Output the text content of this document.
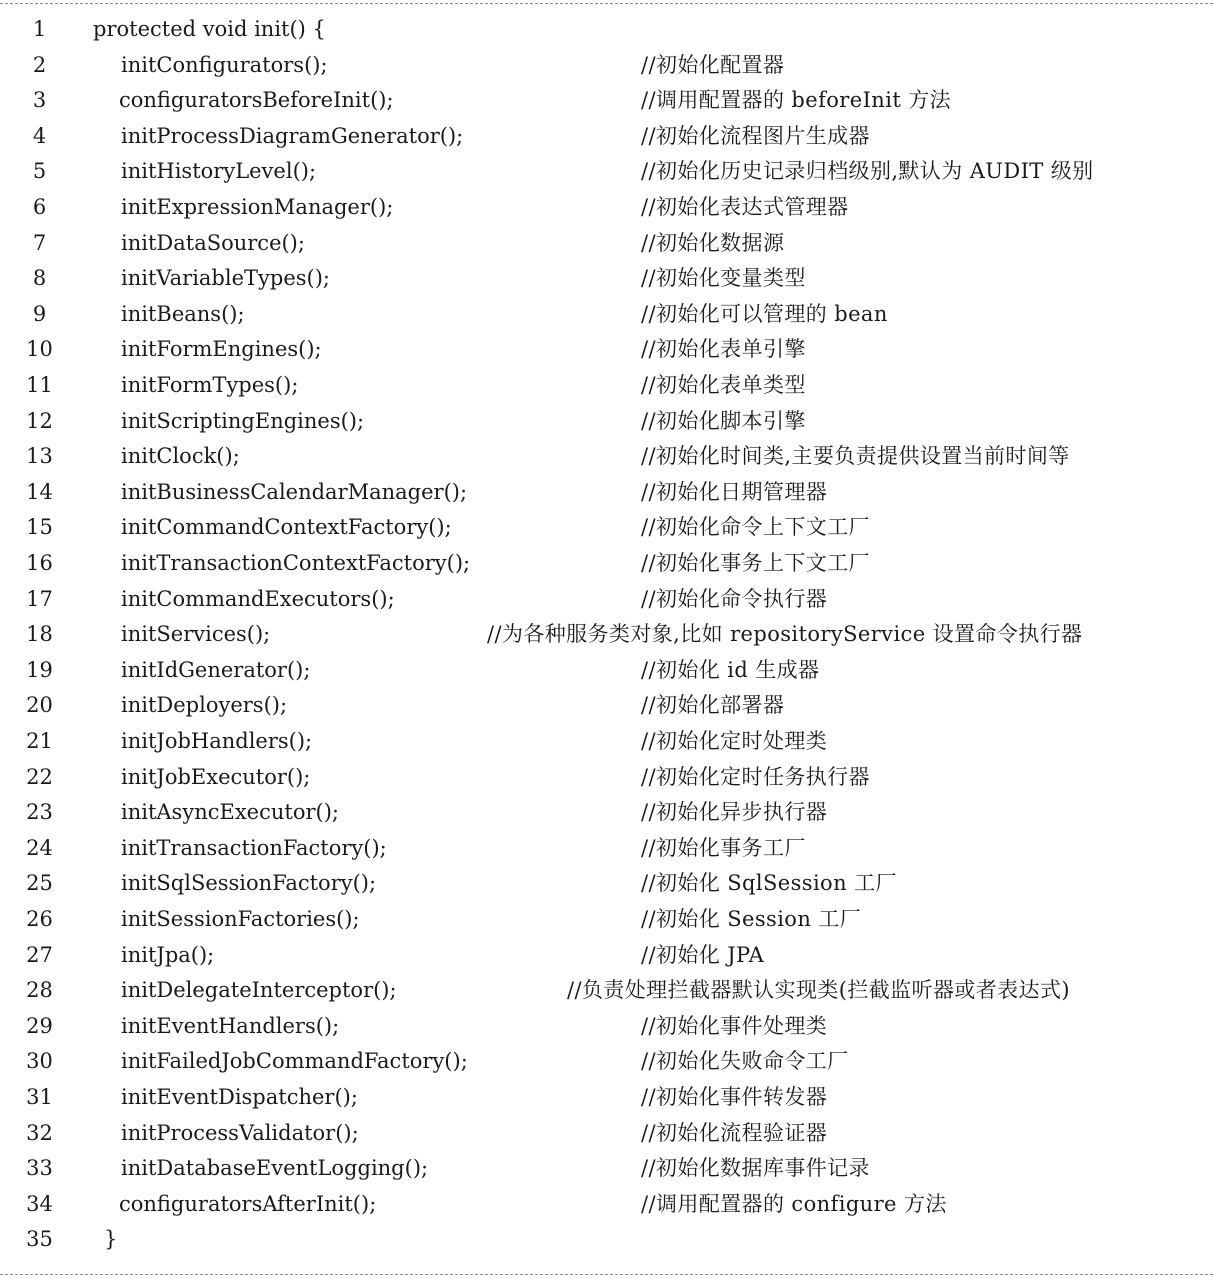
1	protected void init() {
2	initConfigurators();	//初始化配置器
3	configuratorsBeforeInit();	//调用配置器的 beforeInit 方法
4	initProcessDiagramGenerator();	//初始化流程图片生成器
5	initHistoryLevel();	//初始化历史记录归档级别,默认为 AUDIT 级别
6	initExpressionManager();	//初始化表达式管理器
7	initDataSource();	//初始化数据源
8	initVariableTypes();	//初始化变量类型
9	initBeans();	//初始化可以管理的 bean
10	initFormEngines();	//初始化表单引擎
11	initFormTypes();	//初始化表单类型
12	initScriptingEngines();	//初始化脚本引擎
13	initClock();	//初始化时间类,主要负责提供设置当前时间等
14	initBusinessCalendarManager();	//初始化日期管理器
15	initCommandContextFactory();	//初始化命令上下文工厂
16	initTransactionContextFactory();	//初始化事务上下文工厂
17	initCommandExecutors();	//初始化命令执行器
18	initServices();	//为各种服务类对象,比如 repositoryService 设置命令执行器
19	initIdGenerator();	//初始化 id 生成器
20	initDeployers();	//初始化部署器
21	initJobHandlers();	//初始化定时处理类
22	initJobExecutor();	//初始化定时任务执行器
23	initAsyncExecutor();	//初始化异步执行器
24	initTransactionFactory();	//初始化事务工厂
25	initSqlSessionFactory();	//初始化 SqlSession 工厂
26	initSessionFactories();	//初始化 Session 工厂
27	initJpa();	//初始化 JPA
28	initDelegateInterceptor();	//负责处理拦截器默认实现类(拦截监听器或者表达式)
29	initEventHandlers();	//初始化事件处理类
30	initFailedJobCommandFactory();	//初始化失败命令工厂
31	initEventDispatcher();	//初始化事件转发器
32	initProcessValidator();	//初始化流程验证器
33	initDatabaseEventLogging();	//初始化数据库事件记录
34	configuratorsAfterInit();	//调用配置器的 configure 方法
35	}
